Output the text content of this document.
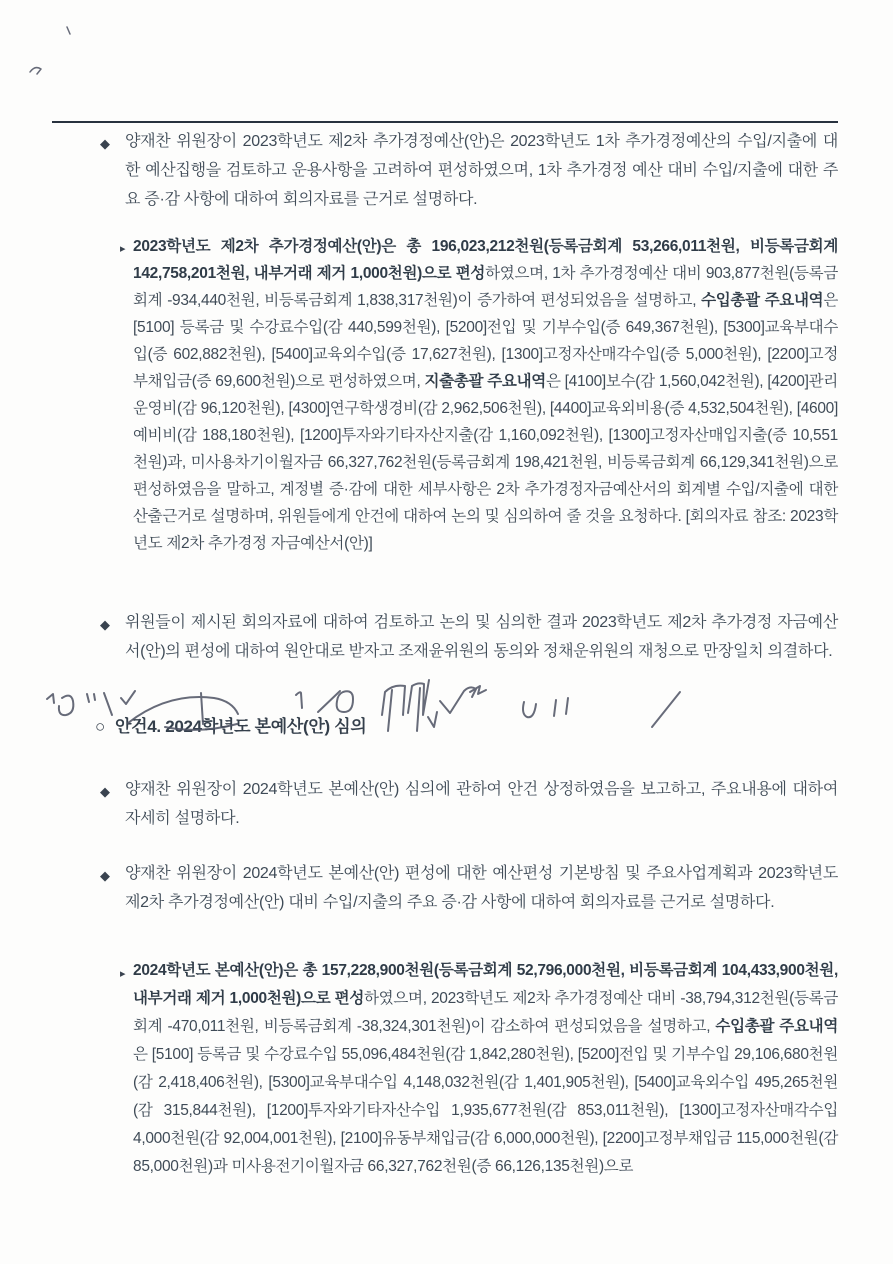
◆ 양재찬 위원장이 2023학년도 제2차 추가경정예산(안)은 2023학년도 1차 추가경정예산의 수입/지출에 대한 예산집행을 검토하고 운용사항을 고려하여 편성하였으며, 1차 추가경정 예산 대비 수입/지출에 대한 주요 증·감 사항에 대하여 회의자료를 근거로 설명하다.
▸ 2023학년도 제2차 추가경정예산(안)은 총 196,023,212천원(등록금회계 53,266,011천원, 비등록금회계 142,758,201천원, 내부거래 제거 1,000천원)으로 편성하였으며, 1차 추가경정예산 대비 903,877천원(등록금회계 -934,440천원, 비등록금회계 1,838,317천원)이 증가하여 편성되었음을 설명하고, 수입총괄 주요내역은 [5100] 등록금 및 수강료수입(감 440,599천원), [5200]전입 및 기부수입(증 649,367천원), [5300]교육부대수입(증 602,882천원), [5400]교육외수입(증 17,627천원), [1300]고정자산매각수입(증 5,000천원), [2200]고정부채입금(증 69,600천원)으로 편성하였으며, 지출총괄 주요내역은 [4100]보수(감 1,560,042천원), [4200]관리운영비(감 96,120천원), [4300]연구학생경비(감 2,962,506천원), [4400]교육외비용(증 4,532,504천원), [4600]예비비(감 188,180천원), [1200]투자와기타자산지출(감 1,160,092천원), [1300]고정자산매입지출(증 10,551천원)과, 미사용차기이월자금 66,327,762천원(등록금회계 198,421천원, 비등록금회계 66,129,341천원)으로 편성하였음을 말하고, 계정별 증·감에 대한 세부사항은 2차 추가경정자금예산서의 회계별 수입/지출에 대한 산출근거로 설명하며, 위원들에게 안건에 대하여 논의 및 심의하여 줄 것을 요청하다. [회의자료 참조: 2023학년도 제2차 추가경정 자금예산서(안)]
◆ 위원들이 제시된 회의자료에 대하여 검토하고 논의 및 심의한 결과 2023학년도 제2차 추가경정 자금예산서(안)의 편성에 대하여 원안대로 받자고 조재윤위원의 동의와 정채운위원의 재청으로 만장일치 의결하다.
○ 안건4. 2024학년도 본예산(안) 심의
◆ 양재찬 위원장이 2024학년도 본예산(안) 심의에 관하여 안건 상정하였음을 보고하고, 주요내용에 대하여 자세히 설명하다.
◆ 양재찬 위원장이 2024학년도 본예산(안) 편성에 대한 예산편성 기본방침 및 주요사업계획과 2023학년도 제2차 추가경정예산(안) 대비 수입/지출의 주요 증·감 사항에 대하여 회의자료를 근거로 설명하다.
▸ 2024학년도 본예산(안)은 총 157,228,900천원(등록금회계 52,796,000천원, 비등록금회계 104,433,900천원, 내부거래 제거 1,000천원)으로 편성하였으며, 2023학년도 제2차 추가경정예산 대비 -38,794,312천원(등록금회계 -470,011천원, 비등록금회계 -38,324,301천원)이 감소하여 편성되었음을 설명하고, 수입총괄 주요내역은 [5100] 등록금 및 수강료수입 55,096,484천원(감 1,842,280천원), [5200]전입 및 기부수입 29,106,680천원(감 2,418,406천원), [5300]교육부대수입 4,148,032천원(감 1,401,905천원), [5400]교육외수입 495,265천원(감 315,844천원), [1200]투자와기타자산수입 1,935,677천원(감 853,011천원), [1300]고정자산매각수입 4,000천원(감 92,004,001천원), [2100]유동부채입금(감 6,000,000천원), [2200]고정부채입금 115,000천원(감 85,000천원)과 미사용전기이월자금 66,327,762천원(증 66,126,135천원)으로
